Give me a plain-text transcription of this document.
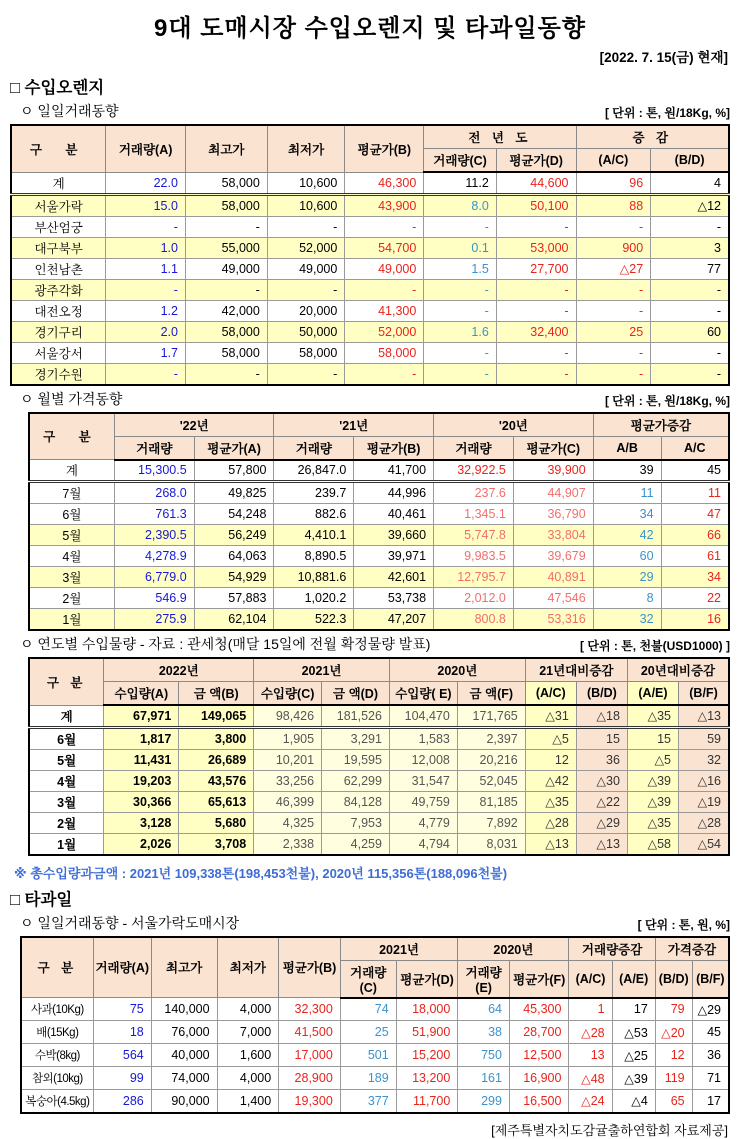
9대 도매시장 수입오렌지 및 타과일동향
[2022. 7. 15(금) 현재]
□ 수입오렌지
ㅇ 일일거래동향	[ 단위 : 톤, 원/18Kg, %]
구 분	거래량(A)	최고가	최저가	평균가(B)	전 년 도		증 감	
					거래량(C)	평균가(D)	(A/C)	(B/D)
계	22.0	58,000	10,600	46,300	11.2	44,600	96	4
서울가락	15.0	58,000	10,600	43,900	8.0	50,100	88	△12
부산엄궁	-	-	-	-	-	-	-	-
대구북부	1.0	55,000	52,000	54,700	0.1	53,000	900	3
인천남촌	1.1	49,000	49,000	49,000	1.5	27,700	△27	77
광주각화	-	-	-	-	-	-	-	-
대전오정	1.2	42,000	20,000	41,300	-	-	-	-
경기구리	2.0	58,000	50,000	52,000	1.6	32,400	25	60
서울강서	1.7	58,000	58,000	58,000	-	-	-	-
경기수원	-	-	-	-	-	-	-	-
ㅇ 월별 가격동향	[ 단위 : 톤, 원/18Kg, %]
구 분	'22년		'21년		'20년		평균가증감	
	거래량	평균가(A)	거래량	평균가(B)	거래량	평균가(C)	A/B	A/C
계	15,300.5	57,800	26,847.0	41,700	32,922.5	39,900	39	45
7월	268.0	49,825	239.7	44,996	237.6	44,907	11	11
6월	761.3	54,248	882.6	40,461	1,345.1	36,790	34	47
5월	2,390.5	56,249	4,410.1	39,660	5,747.8	33,804	42	66
4월	4,278.9	64,063	8,890.5	39,971	9,983.5	39,679	60	61
3월	6,779.0	54,929	10,881.6	42,601	12,795.7	40,891	29	34
2월	546.9	57,883	1,020.2	53,738	2,012.0	47,546	8	22
1월	275.9	62,104	522.3	47,207	800.8	53,316	32	16
ㅇ 연도별 수입물량 - 자료 : 관세청(매달 15일에 전월 확정물량 발표)	[ 단위 : 톤, 천불(USD1000) ]
구 분	2022년		2021년		2020년		21년대비증감		20년대비증감	
	수입량(A)	금 액(B)	수입량(C)	금 액(D)	수입량( E)	금 액(F)	(A/C)	(B/D)	(A/E)	(B/F)
계	67,971	149,065	98,426	181,526	104,470	171,765	△31	△18	△35	△13
6월	1,817	3,800	1,905	3,291	1,583	2,397	△5	15	15	59
5월	11,431	26,689	10,201	19,595	12,008	20,216	12	36	△5	32
4월	19,203	43,576	33,256	62,299	31,547	52,045	△42	△30	△39	△16
3월	30,366	65,613	46,399	84,128	49,759	81,185	△35	△22	△39	△19
2월	3,128	5,680	4,325	7,953	4,779	7,892	△28	△29	△35	△28
1월	2,026	3,708	2,338	4,259	4,794	8,031	△13	△13	△58	△54
※ 총수입량과금액 : 2021년 109,338톤(198,453천불), 2020년 115,356톤(188,096천불)
□ 타과일
ㅇ 일일거래동향 - 서울가락도매시장	[ 단위 : 톤, 원, %]
구 분	거래량(A)	최고가	최저가	평균가(B)	2021년		2020년		거래량증감		가격증감	
					거래량(C)	평균가(D)	거래량(E)	평균가(F)	(A/C)	(A/E)	(B/D)	(B/F)
사과(10Kg)	75	140,000	4,000	32,300	74	18,000	64	45,300	1	17	79	△29
배(15Kg)	18	76,000	7,000	41,500	25	51,900	38	28,700	△28	△53	△20	45
수박(8kg)	564	40,000	1,600	17,000	501	15,200	750	12,500	13	△25	12	36
참외(10kg)	99	74,000	4,000	28,900	189	13,200	161	16,900	△48	△39	119	71
복숭아(4.5kg)	286	90,000	1,400	19,300	377	11,700	299	16,500	△24	△4	65	17
[제주특별자치도감귤출하연합회 자료제공]
